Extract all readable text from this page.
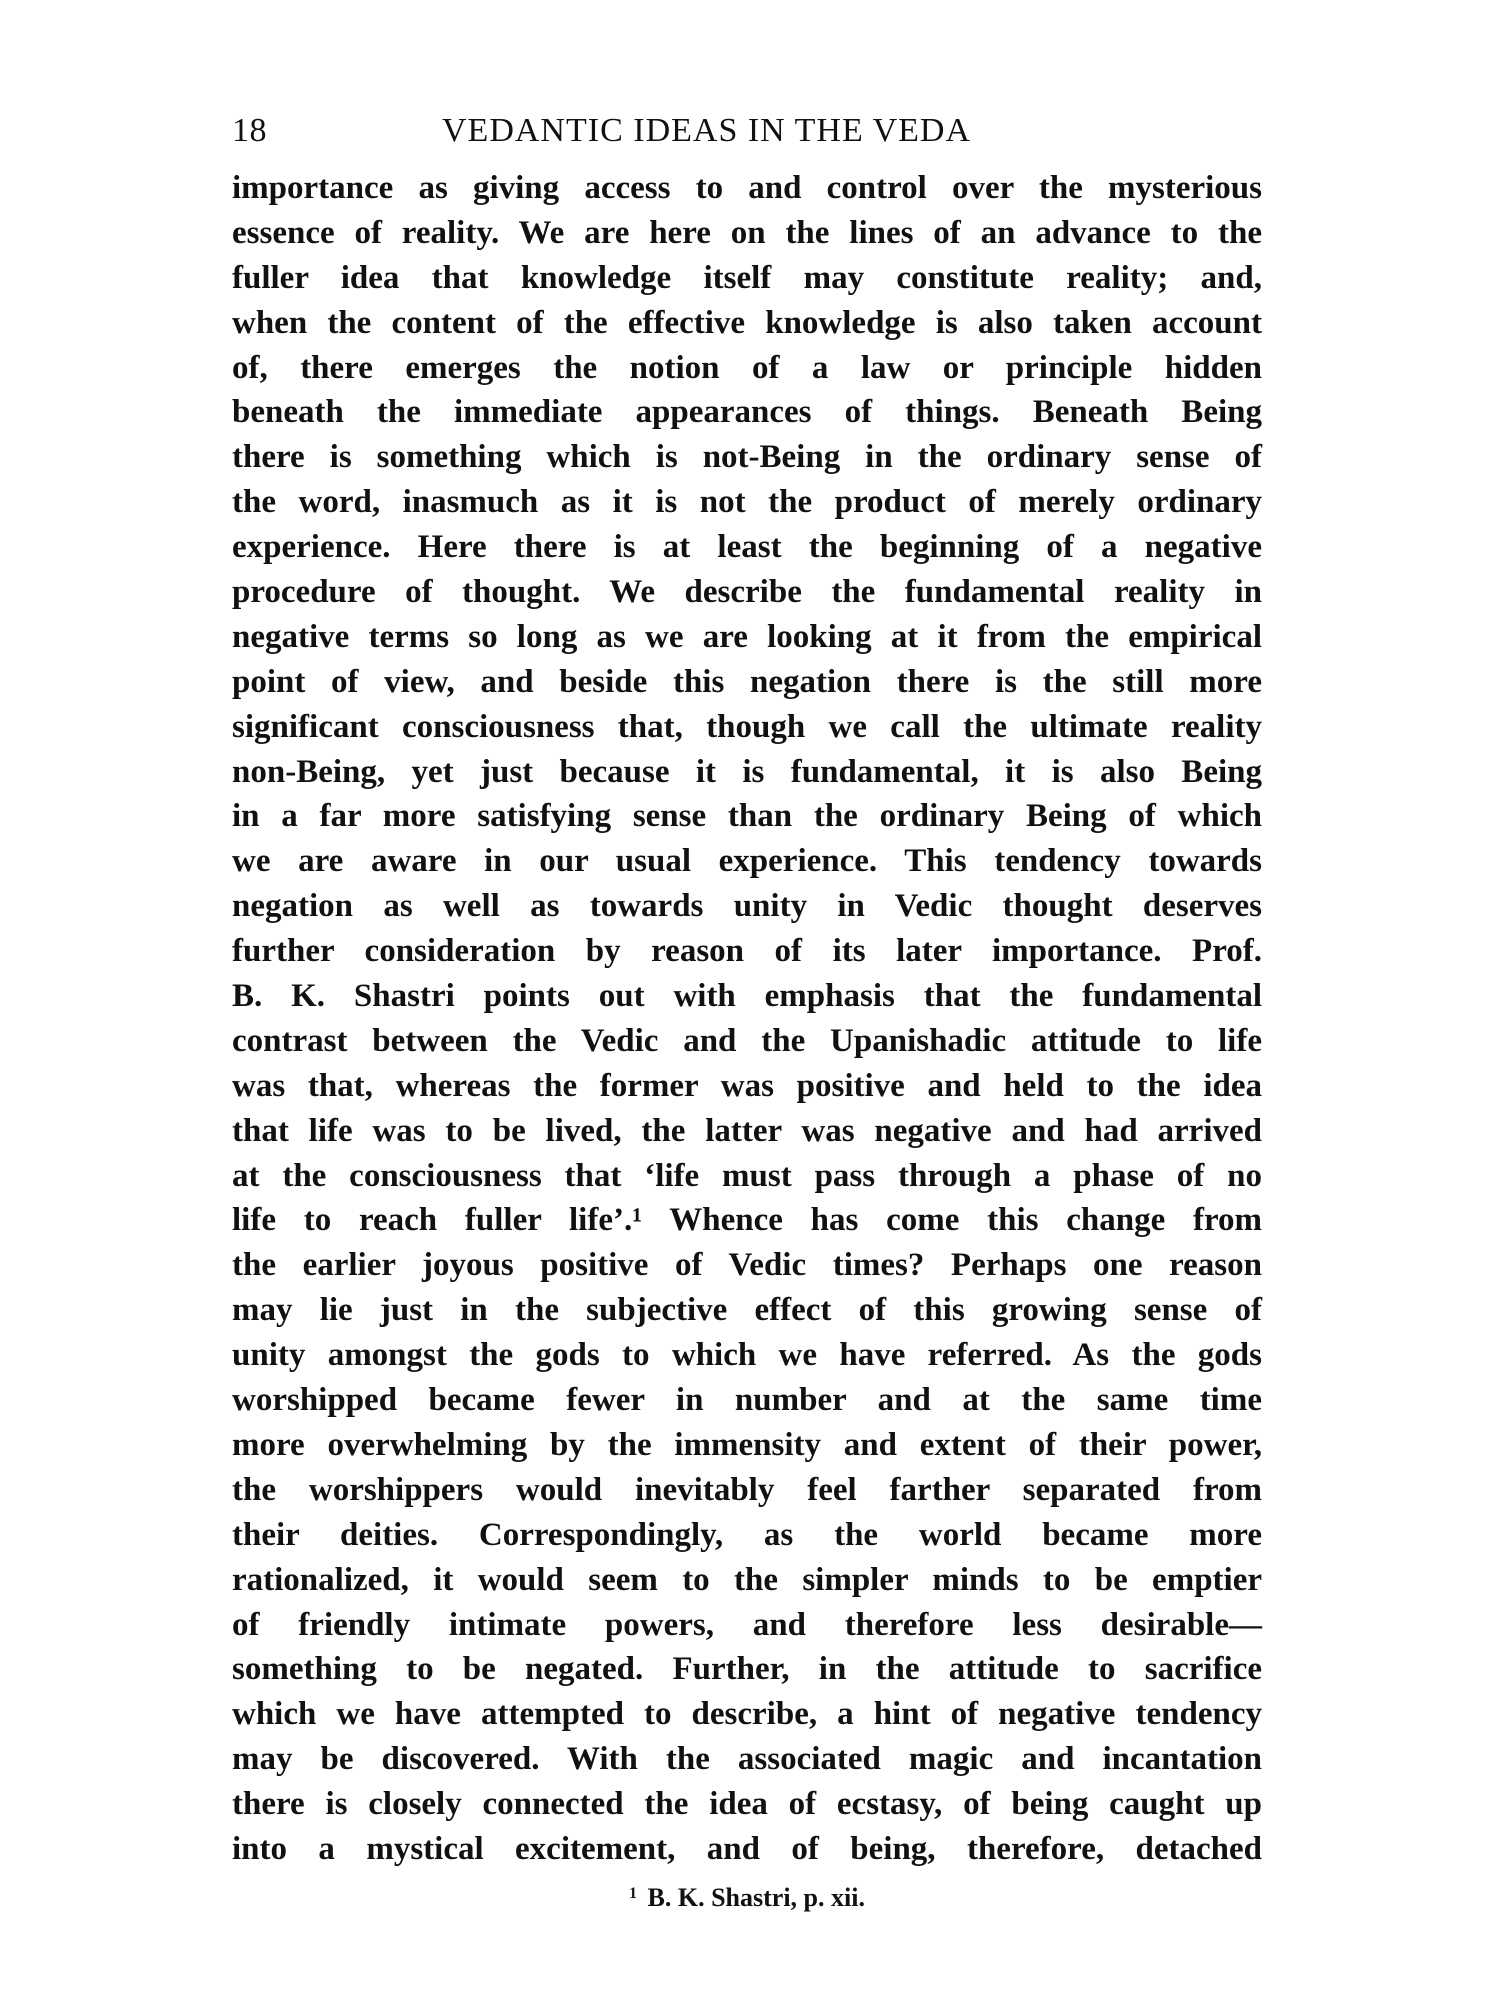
18	VEDANTIC IDEAS IN THE VEDA
importance as giving access to and control over the mysterious
essence of reality. We are here on the lines of an advance to the
fuller idea that knowledge itself may constitute reality; and,
when the content of the effective knowledge is also taken account
of, there emerges the notion of a law or principle hidden
beneath the immediate appearances of things. Beneath Being
there is something which is not-Being in the ordinary sense of
the word, inasmuch as it is not the product of merely ordinary
experience. Here there is at least the beginning of a negative
procedure of thought. We describe the fundamental reality in
negative terms so long as we are looking at it from the empirical
point of view, and beside this negation there is the still more
significant consciousness that, though we call the ultimate reality
non-Being, yet just because it is fundamental, it is also Being
in a far more satisfying sense than the ordinary Being of which
we are aware in our usual experience. This tendency towards
negation as well as towards unity in Vedic thought deserves
further consideration by reason of its later importance. Prof.
B. K. Shastri points out with emphasis that the fundamental
contrast between the Vedic and the Upanishadic attitude to life
was that, whereas the former was positive and held to the idea
that life was to be lived, the latter was negative and had arrived
at the consciousness that ‘life must pass through a phase of no
life to reach fuller life’.¹ Whence has come this change from
the earlier joyous positive of Vedic times? Perhaps one reason
may lie just in the subjective effect of this growing sense of
unity amongst the gods to which we have referred. As the gods
worshipped became fewer in number and at the same time
more overwhelming by the immensity and extent of their power,
the worshippers would inevitably feel farther separated from
their deities. Correspondingly, as the world became more
rationalized, it would seem to the simpler minds to be emptier
of friendly intimate powers, and therefore less desirable—
something to be negated. Further, in the attitude to sacrifice
which we have attempted to describe, a hint of negative tendency
may be discovered. With the associated magic and incantation
there is closely connected the idea of ecstasy, of being caught up
into a mystical excitement, and of being, therefore, detached
$^1$ B. K. Shastri, p. xii.
